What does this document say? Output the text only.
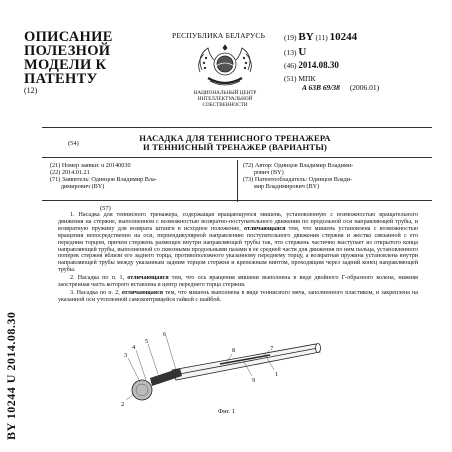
BY 10244 U 2014.08.30
ОПИСАНИЕ
ПОЛЕЗНОЙ
МОДЕЛИ К
ПАТЕНТУ
(12)
РЕСПУБЛИКА БЕЛАРУСЬ
НАЦИОНАЛЬНЫЙ ЦЕНТР
ИНТЕЛЛЕКТУАЛЬНОЙ
СОБСТВЕННОСТИ
(19) BY (11) 10244
(13) U
(46) 2014.08.30
(51) МПК
A 63B 69/38 (2006.01)
(54)
НАСАДКА ДЛЯ ТЕННИСНОГО ТРЕНАЖЕРА
И ТЕННИСНЫЙ ТРЕНАЖЕР (ВАРИАНТЫ)
(21) Номер заявки: u 20140030
(22) 2014.01.21
(71) Заявитель: Одинцов Владимир Вла-
димирович (BY)
(72) Автор: Одинцов Владимир Владими-
рович (BY)
(73) Патентообладатель: Одинцов Влади-
мир Владимирович (BY)
(57)

1. Насадка для теннисного тренажера, содержащая вращающуюся мишень, установленную с возможностью вращательного движения на стержне, выполненном с возможностью возвратно-поступательного движения по продольной оси направляющей трубы, и возвратную пружину для возврата штанги в исходное положение, отличающаяся тем, что мишень установлена с возможностью вращения непосредственно на оси, перпендикулярной направлению поступательного движения стержня и жестко связанной с его передним торцом, причем стержень размещен внутри направляющей трубы так, что стержень частично выступает из открытого конца направляющей трубы, выполненной со сквозными продольными пазами в ее средней части для движения по ним пальца, установленного поперек стержня вблизи его заднего торца, противоположного указанному переднему торцу, а возвратная пружина установлена внутри направляющей трубы между указанным задним торцом стержня и крепежным винтом, проходящим через задний конец направляющей трубы.

2. Насадка по п. 1, отличающаяся тем, что ось вращения мишени выполнена в виде двойного Г-образного колена, нижняя заостренная часть которого вставлена в центр переднего торца стержня.

3. Насадка по п. 2, отличающаяся тем, что мишень выполнена в виде теннисного мяча, заполненного пластиком, и закреплена на указанной оси утопленной самоконтрящейся гайкой с шайбой.

3
4
5
6
7
8
9
1
2
Фиг. 1
